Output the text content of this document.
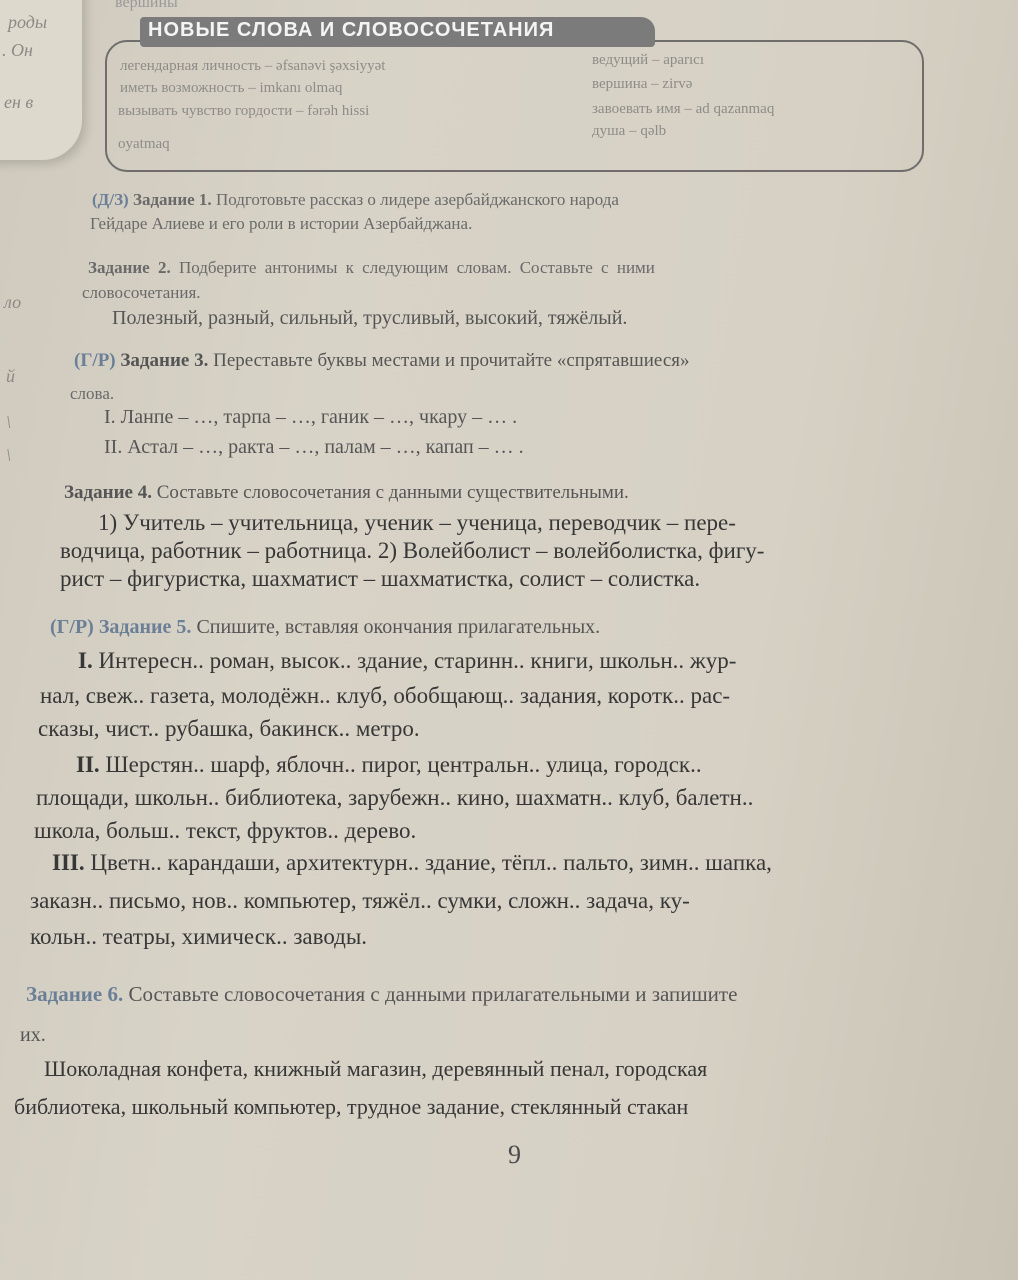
вершины
роды
. Он
ен в
ло
й
\
\
НОВЫЕ СЛОВА И СЛОВОСОЧЕТАНИЯ
легендарная личность – əfsanəvi şəxsiyyət
иметь возможность – imkanı olmaq
вызывать чувство гордости – fərəh hissi
oyatmaq
ведущий – aparıcı
вершина – zirvə
завоевать имя – ad qazanmaq
душа – qəlb
(Д/З) Задание 1. Подготовьте рассказ о лидере азербайджанского народа
Гейдаре Алиеве и его роли в истории Азербайджана.
Задание 2. Подберите антонимы к следующим словам. Составьте с ними
словосочетания.
Полезный, разный, сильный, трусливый, высокий, тяжёлый.
(Г/Р) Задание 3. Переставьте буквы местами и прочитайте «спрятавшиеся»
слова.
I. Ланпе – …, тарпа – …, ганик – …, чкару – … .
II. Астал – …, ракта – …, палам – …, капап – … .
Задание 4. Составьте словосочетания с данными существительными.
1) Учитель – учительница, ученик – ученица, переводчик – пере-
водчица, работник – работница. 2) Волейболист – волейболистка, фигу-
рист – фигуристка, шахматист – шахматистка, солист – солистка.
(Г/Р) Задание 5. Спишите, вставляя окончания прилагательных.
I. Интересн.. роман, высок.. здание, старинн.. книги, школьн.. жур-
нал, свеж.. газета, молодёжн.. клуб, обобщающ.. задания, коротк.. рас-
сказы, чист.. рубашка, бакинск.. метро.
II. Шерстян.. шарф, яблочн.. пирог, центральн.. улица, городск..
площади, школьн.. библиотека, зарубежн.. кино, шахматн.. клуб, балетн..
школа, больш.. текст, фруктов.. дерево.
III. Цветн.. карандаши, архитектурн.. здание, тёпл.. пальто, зимн.. шапка,
заказн.. письмо, нов.. компьютер, тяжёл.. сумки, сложн.. задача, ку-
кольн.. театры, химическ.. заводы.
Задание 6. Составьте словосочетания с данными прилагательными и запишите
их.
Шоколадная конфета, книжный магазин, деревянный пенал, городская
библиотека, школьный компьютер, трудное задание, стеклянный стакан
9
